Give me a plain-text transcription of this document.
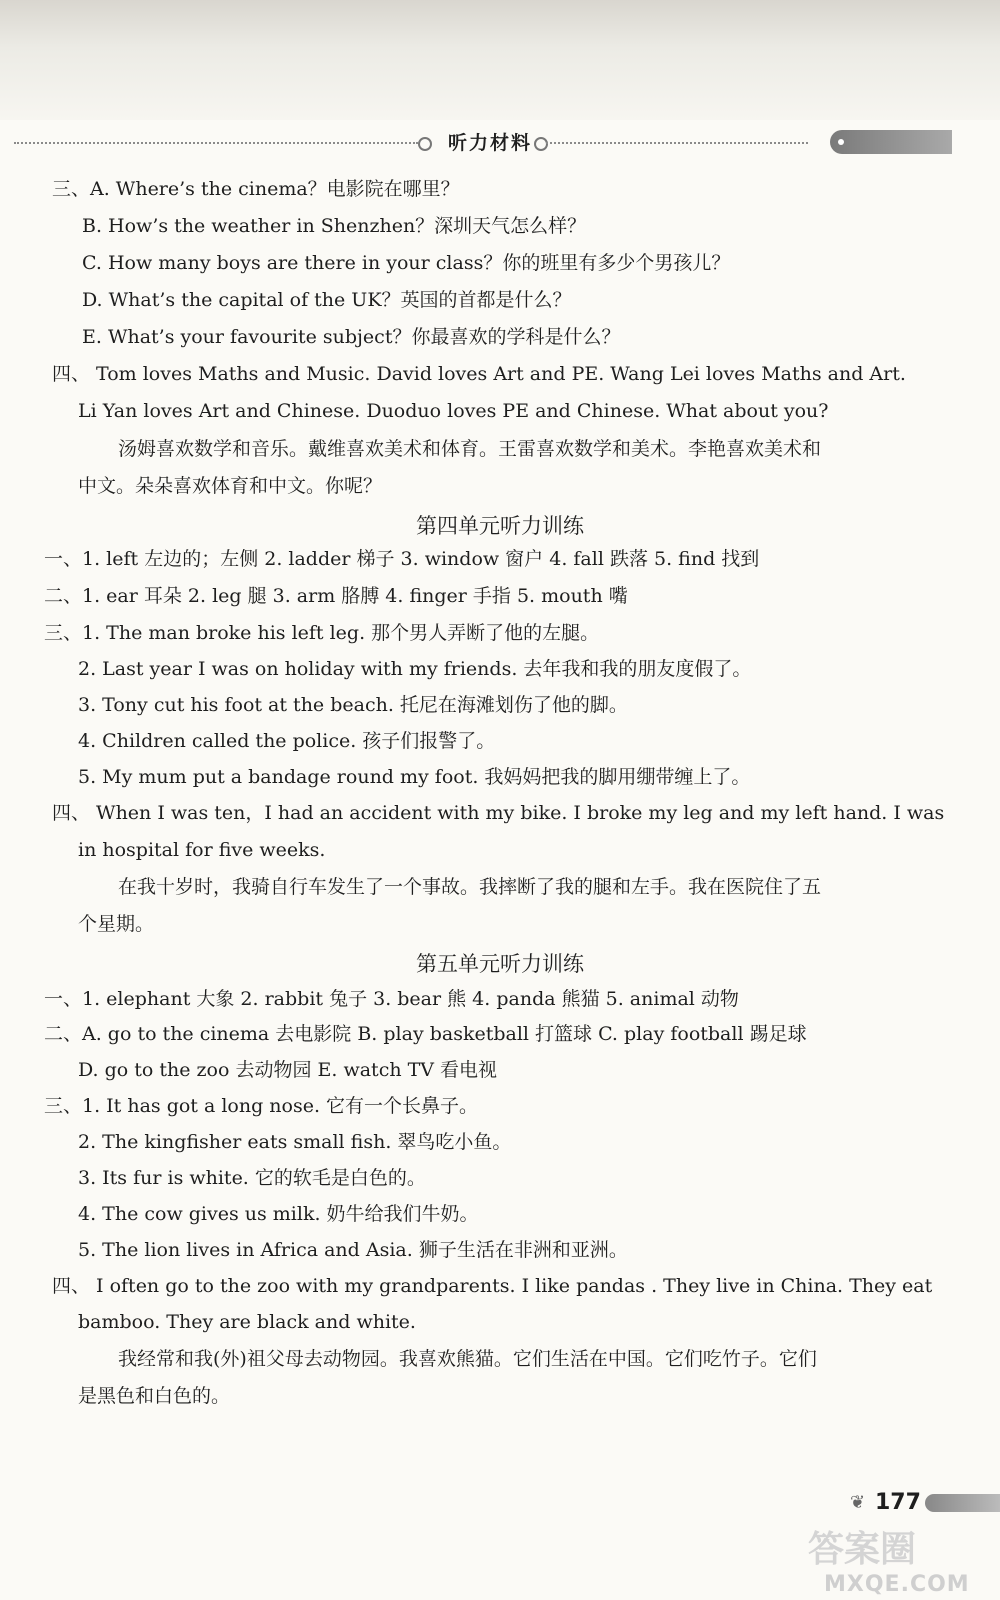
听力材料
三、A. Where’s the cinema？电影院在哪里？
B. How’s the weather in Shenzhen？深圳天气怎么样？
C. How many boys are there in your class？你的班里有多少个男孩儿？
D. What’s the capital of the UK？英国的首都是什么？
E. What’s your favourite subject？你最喜欢的学科是什么？
四、 Tom loves Maths and Music. David loves Art and PE. Wang Lei loves Maths and Art.
Li Yan loves Art and Chinese. Duoduo loves PE and Chinese. What about you?
汤姆喜欢数学和音乐。戴维喜欢美术和体育。王雷喜欢数学和美术。李艳喜欢美术和
中文。朵朵喜欢体育和中文。你呢？
第四单元听力训练
一、1. left 左边的；左侧 2. ladder 梯子 3. window 窗户 4. fall 跌落 5. find 找到
二、1. ear 耳朵 2. leg 腿 3. arm 胳膊 4. finger 手指 5. mouth 嘴
三、1. The man broke his left leg. 那个男人弄断了他的左腿。
2. Last year I was on holiday with my friends. 去年我和我的朋友度假了。
3. Tony cut his foot at the beach. 托尼在海滩划伤了他的脚。
4. Children called the police. 孩子们报警了。
5. My mum put a bandage round my foot. 我妈妈把我的脚用绷带缠上了。
四、 When I was ten，I had an accident with my bike. I broke my leg and my left hand. I was
in hospital for five weeks.
在我十岁时，我骑自行车发生了一个事故。我摔断了我的腿和左手。我在医院住了五
个星期。
第五单元听力训练
一、1. elephant 大象 2. rabbit 兔子 3. bear 熊 4. panda 熊猫 5. animal 动物
二、A. go to the cinema 去电影院 B. play basketball 打篮球 C. play football 踢足球
D. go to the zoo 去动物园 E. watch TV 看电视
三、1. It has got a long nose. 它有一个长鼻子。
2. The kingfisher eats small fish. 翠鸟吃小鱼。
3. Its fur is white. 它的软毛是白色的。
4. The cow gives us milk. 奶牛给我们牛奶。
5. The lion lives in Africa and Asia. 狮子生活在非洲和亚洲。
四、 I often go to the zoo with my grandparents. I like pandas . They live in China. They eat
bamboo. They are black and white.
我经常和我(外)祖父母去动物园。我喜欢熊猫。它们生活在中国。它们吃竹子。它们
是黑色和白色的。
❦ 177
答案圈
MXQE.COM
